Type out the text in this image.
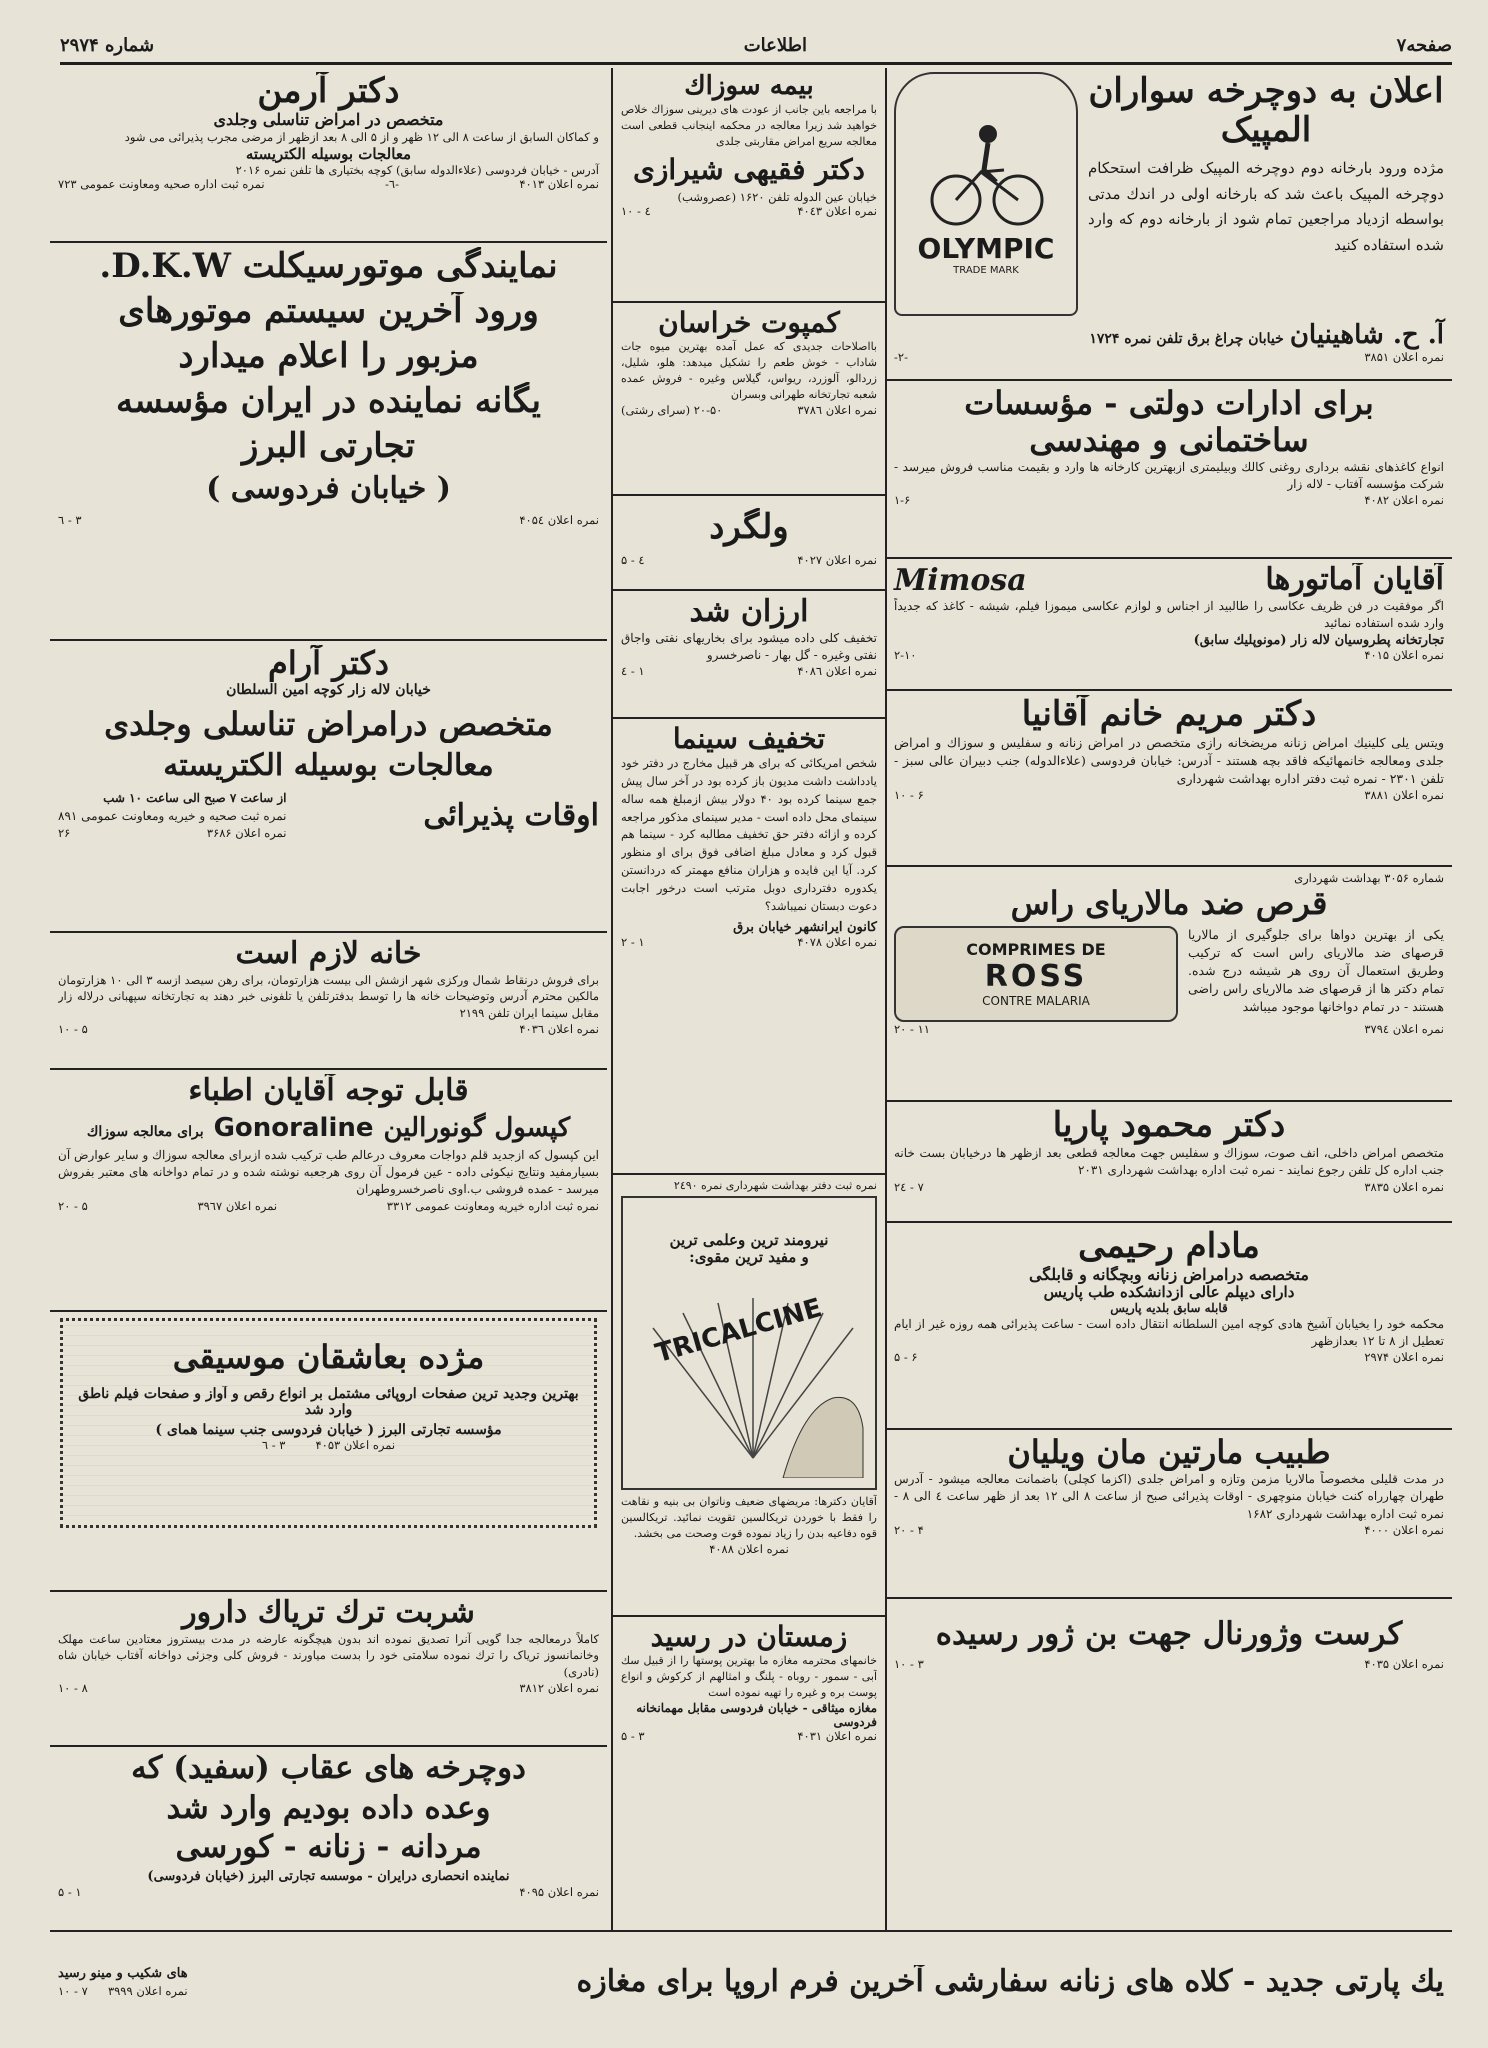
صفحه۷
اطلاعات
شماره ۲۹۷۴
اعلان به دوچرخه سواران المپیک
مژده ورود بارخانه دوم دوچرخه المپیک ظرافت استحکام دوچرخه المپیک باعث شد که بارخانه اولی در اندك مدتی بواسطه ازدیاد مراجعین تمام شود از بارخانه دوم که وارد شده استفاده کنید
OLYMPIC
TRADE MARK
آ. ح. شاهینیان
خیابان چراغ برق تلفن نمره ۱۷۲۴
نمره اعلان ۳۸۵۱
-۲-
برای ادارات دولتی - مؤسسات
ساختمانی و مهندسی
انواع کاغذهای نقشه برداری روغنی کالك وبیلیمتری ازبهترین کارخانه ها وارد و بقیمت مناسب فروش میرسد - شرکت مؤسسه آفتاب - لاله زار
نمره اعلان ۴۰۸۲
۱-۶
آقایان آماتورها
Mimosa
اگر موفقیت در فن ظریف عکاسی را طالبید از اجناس و لوازم عکاسی میموزا فیلم، شیشه - کاغذ که جدیداً وارد شده استفاده نمائید
تجارتخانه پطروسیان لاله زار (مونوپلیك سابق)
نمره اعلان ۴۰۱۵
۲-۱۰
دکتر مریم خانم آقانیا
ویتس یلی کلینیك امراض زنانه مریضخانه رازی متخصص در امراض زنانه و سفلیس و سوزاك و امراض جلدی ومعالجه خانمهائیکه فاقد بچه هستند - آدرس: خیابان فردوسی (علاءالدوله) جنب دبیران عالی سبز - تلفن ۲۳۰۱ - نمره ثبت دفتر اداره بهداشت شهرداری
نمره اعلان ۳۸۸۱
۶ - ۱۰
شماره ۳۰۵۶ بهداشت شهرداری
قرص ضد مالاریای راس
یکی از بهترین دواها برای جلوگیری از مالاریا قرصهای ضد مالاریای راس است که ترکیب وطریق استعمال آن روی هر شیشه درج شده. تمام دکتر ها از قرصهای ضد مالاریای راس راضی هستند - در تمام دواخانها موجود میباشد
COMPRIMES DE
ROSS
CONTRE MALARIA
نمره اعلان ۳۷۹٤
۱۱ - ۲۰
دکتر محمود پاریا
متخصص امراض داخلی، انف صوت، سوزاك و سفلیس جهت معالجه قطعی بعد ازظهر ها درخیابان بست خانه جنب اداره کل تلفن رجوع نمایند - نمره ثبت اداره بهداشت شهرداری ۲۰۳۱
نمره اعلان ۳۸۳۵
۷ - ۲٤
مادام رحیمی
متخصصه درامراض زنانه وبچگانه و قابلگی
دارای دیپلم عالی ازدانشکده طب پاریس
قابله سابق بلدیه پاریس
محکمه خود را بخیابان آشیخ هادی کوچه امین السلطانه انتقال داده است - ساعت پذیرائی همه روزه غیر از ایام تعطیل از ۸ تا ۱۲ بعدازظهر
نمره اعلان ۲۹۷۴
۶ - ۵
طبیب مارتین مان ویلیان
در مدت قلیلی مخصوصاً مالاریا مزمن وتازه و امراض جلدی (اکزما کچلی) باضمانت معالجه میشود - آدرس طهران چهارراه کنت خیابان منوچهری - اوقات پذیرائی صبح از ساعت ۸ الی ۱۲ بعد از ظهر ساعت ٤ الی ۸ - نمره ثبت اداره بهداشت شهرداری ۱۶۸۲
نمره اعلان ۴۰۰۰
۴ - ۲۰
کرست وژورنال جهت بن ژور رسیده
نمره اعلان ۴۰۳۵
۳ - ۱۰
بیمه سوزاك
با مراجعه باین جانب از عودت های دیرینی سوزاك خلاص خواهید شد زیرا معالجه در محکمه اینجانب قطعی است معالجه سریع امراض مقاربتی جلدی
دکتر فقیهی شیرازی
خیابان عین الدوله تلفن ۱۶۲۰ (عصروشب)
نمره اعلان ۴۰٤۳
٤ - ۱۰
کمپوت خراسان
بااصلاحات جدیدی که عمل آمده بهترین میوه جات شاداب - خوش طعم را تشکیل میدهد: هلو، شلیل، زردالو، آلوزرد، ریواس، گیلاس وغیره - فروش عمده شعبه تجارتخانه طهرانی وبسران
نمره اعلان ۳۷۸٦
۲۰-۵۰ (سرای رشتی)
ولگرد
نمره اعلان ۴۰۲۷
٤ - ۵
ارزان شد
تخفیف کلی داده میشود برای بخاریهای نفتی واجاق نفتی وغیره - گل بهار - ناصرخسرو
نمره اعلان ۴۰۸٦
۱ - ٤
تخفیف سینما
شخص امریکائی که برای هر قبیل مخارج در دفتر خود یادداشت داشت مدیون باز کرده بود در آخر سال پیش جمع سینما کرده بود ۴۰ دولار بیش ازمبلغ همه ساله سینمای محل داده است - مدیر سینمای مذکور مراجعه کرده و ازائه دفتر حق تخفیف مطالبه کرد - سینما هم قبول کرد و معادل مبلغ اضافی فوق برای او منظور کرد. آیا این فایده و هزاران منافع مهمتر که دردانستن یکدوره دفترداری دوبل مترتب است درخور اجابت دعوت دبستان نمیباشد؟
کانون ایرانشهر خیابان برق
نمره اعلان ۴۰۷۸
۱ - ۲
نمره ثبت دفتر بهداشت شهرداری نمره ۲٤۹۰
نیرومند ترین وعلمی ترین
و مفید ترین مقوی:
TRICALCINE
آقایان دکترها: مریضهای ضعیف وناتوان بی بنیه و نقاهت را فقط با خوردن تریکالسین تقویت نمائید. تریکالسین قوه دفاعیه بدن را زیاد نموده قوت وصحت می بخشد.
نمره اعلان ۴۰۸۸
زمستان در رسید
خانمهای محترمه مغازه ما بهترین پوستها را از قبیل سك آبی - سمور - روباه - پلنگ و امثالهم از کرکوش و انواع پوست بره و غیره را تهیه نموده است
مغازه میثاقی - خیابان فردوسی مقابل مهمانخانه فردوسی
نمره اعلان ۴۰۳۱
۳ - ۵
دکتر آرمن
متخصص در امراض تناسلی وجلدی
و کماکان السابق از ساعت ۸ الی ۱۲ ظهر و از ۵ الی ۸ بعد ازظهر از مرضی مجرب پذیرائی می شود
معالجات بوسیله الکتریسته
آدرس - خیابان فردوسی (علاءالدوله سابق) کوچه بختیاری ها تلفن نمره ۲۰۱۶
نمره اعلان ۴۰۱۳
-٦-
نمره ثبت اداره صحیه ومعاونت عمومی ۷۲۳
نمایندگی موتورسیکلت D.K.W.
ورود آخرین سیستم موتورهای
مزبور را اعلام میدارد
یگانه نماینده در ایران مؤسسه
تجارتی البرز
( خیابان فردوسی )
نمره اعلان ۴۰۵٤
۳ - ٦
دکتر آرام
خیابان لاله زار کوچه امین السلطان
متخصص درامراض تناسلی وجلدی
معالجات بوسیله الکتریسته
اوقات پذیرائی
از ساعت ۷ صبح الی ساعت ۱۰ شب
نمره ثبت صحیه و خیریه ومعاونت عمومی ۸۹۱
نمره اعلان ۳۶۸۶
۲۶
خانه لازم است
برای فروش درنقاط شمال ورکزی شهر ازشش الی بیست هزارتومان، برای رهن سیصد ازسه ۳ الی ۱۰ هزارتومان مالکین محترم آدرس وتوضیحات خانه ها را توسط بدفترتلفن یا تلفونی خبر دهند به تجارتخانه سپهبانی درلاله زار مقابل سینما ایران تلفن ۲۱۹۹
نمره اعلان ۴۰۳٦
۵ - ۱۰
قابل توجه آقایان اطباء
کپسول گونورالین
Gonoraline
برای معالجه سوزاك
این کپسول که ازجدید قلم دواجات معروف درعالم طب ترکیب شده ازبرای معالجه سوزاك و سایر عوارض آن بسیارمفید ونتایج نیکوئی داده - عین فرمول آن روی هرجعبه نوشته شده و در تمام دواخانه های معتبر بفروش میرسد - عمده فروشی ب.اوی ناصرخسروطهران
نمره ثبت اداره خیریه ومعاونت عمومی ۳۳۱۲
نمره اعلان ۳۹٦۷
۵ - ۲۰
مژده بعاشقان موسیقی
بهترین وجدید ترین صفحات اروپائی مشتمل بر انواع رقص و آواز و صفحات فیلم ناطق وارد شد
مؤسسه تجارتی البرز ( خیابان فردوسی جنب سینما همای )
نمره اعلان ۴۰۵۳
۳ - ٦
شربت ترك تریاك دارور
کاملاً درمعالجه جدا گویی آنرا تصدیق نموده اند بدون هیچگونه عارضه در مدت بیستروز معتادین ساعت مهلک وخانمانسوز تریاک را ترك نموده سلامتی خود را بدست میاورند - فروش کلی وجزئی دواخانه آفتاب خیابان شاه (نادری)
نمره اعلان ۳۸۱۲
۸ - ۱۰
دوچرخه های عقاب (سفید) که
وعده داده بودیم وارد شد
مردانه - زنانه - کورسی
نماینده انحصاری درایران - موسسه تجارتی البرز (خیابان فردوسی)
نمره اعلان ۴۰۹۵
۱ - ۵
یك پارتی جدید - کلاه های زنانه سفارشی آخرین فرم اروپا برای مغازه
های شکیب و مینو رسید
نمره اعلان ۳۹۹۹
۷ - ۱۰
